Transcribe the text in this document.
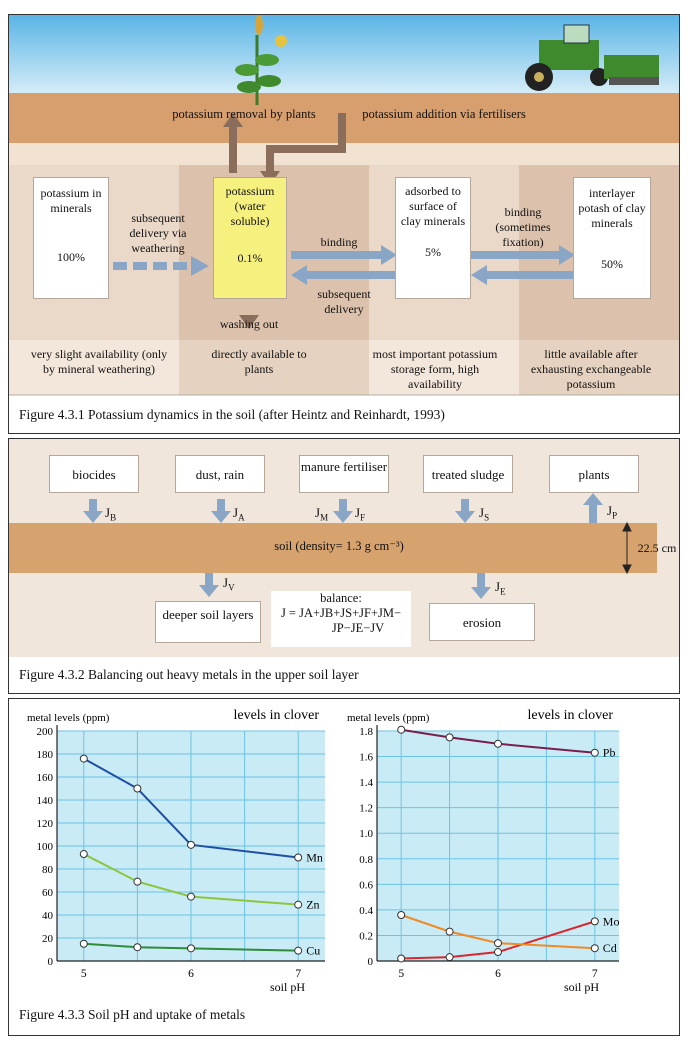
potassium removal by plants	potassium addition via fertilisers
potassium in minerals
100%
potassium (water soluble)
0.1%
adsorbed to surface of clay minerals
5%
interlayer potash of clay minerals
50%
subsequent delivery via weathering	binding
subsequent delivery
binding (sometimes fixation)
washing out
very slight availability (only by mineral weathering)
directly available to plants
most important potassium storage form, high availability
little available after exhausting exchangeable potassium
Figure 4.3.1 Potassium dynamics in the soil (after Heintz and Reinhardt, 1993)
biocides	dust, rain
manure fertiliser
treated sludge	plants
$J_B$	$J_A$	$J_M$ $J_F$	$J_S$	$J_P$
$J_V$	$J_E$
soil (density= 1.3 g cm⁻³)	22.5 cm
deeper soil layers
erosion
balance:
J = JA+JB+JS+JF+JM−
JP−JE−JV
Figure 4.3.2 Balancing out heavy metals in the upper soil layer
0
20
40
60
80
100
120
140
160
180
200
5	6	7
metal levels (ppm)	levels in clover
soil pH
Mn
Zn
Cu
0
0.2
0.4
0.6
0.8
1.0
1.2
1.4
1.6
1.8
5	6	7
metal levels (ppm)	levels in clover
soil pH
Pb
Mo
Cd
Figure 4.3.3 Soil pH and uptake of metals
